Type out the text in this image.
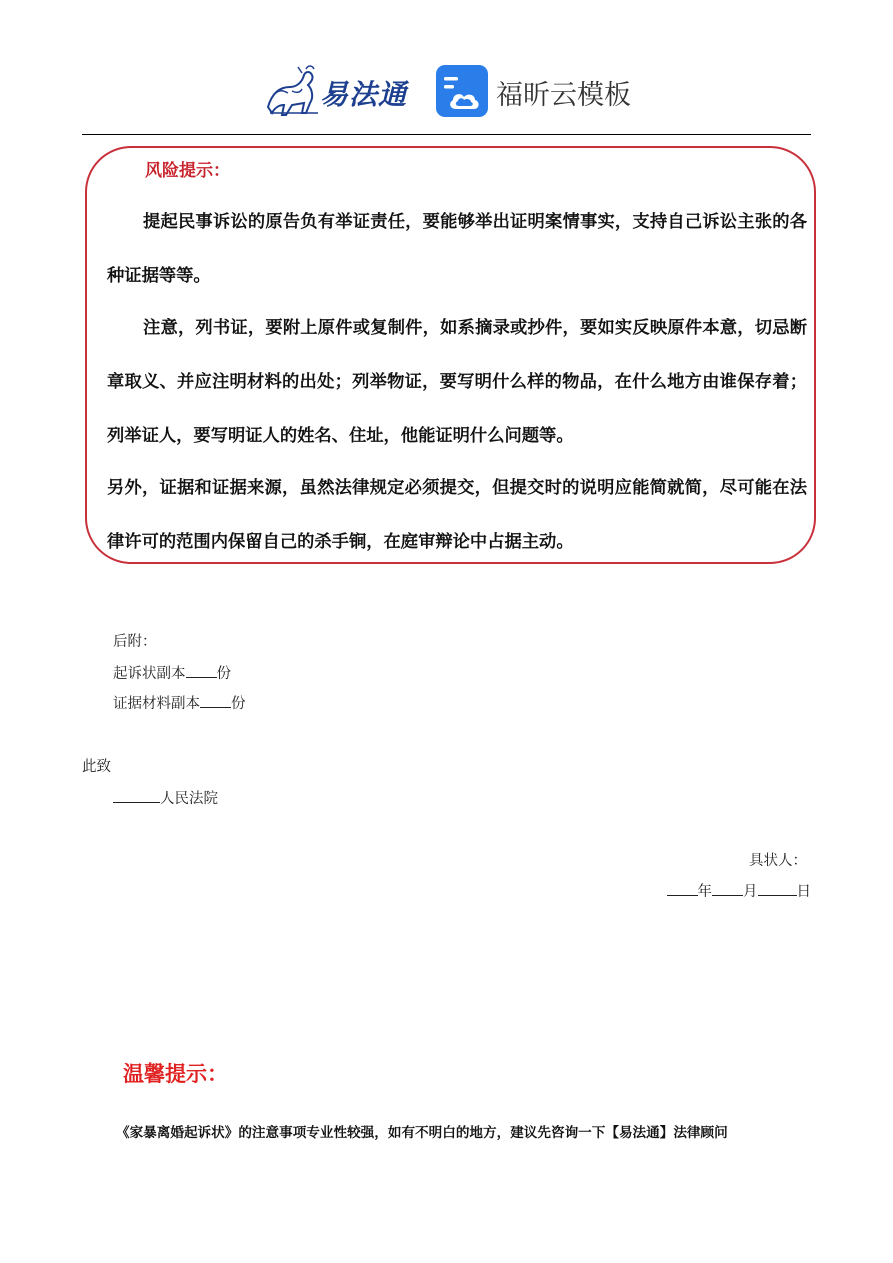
易法通	福昕云模板
风险提示：
提起民事诉讼的原告负有举证责任，要能够举出证明案情事实，支持自己诉讼主张的各种证据等等。
注意，列书证，要附上原件或复制件，如系摘录或抄件，要如实反映原件本意，切忌断章取义、并应注明材料的出处；列举物证，要写明什么样的物品，在什么地方由谁保存着；列举证人，要写明证人的姓名、住址，他能证明什么问题等。
另外，证据和证据来源，虽然法律规定必须提交，但提交时的说明应能简就简，尽可能在法律许可的范围内保留自己的杀手锏，在庭审辩论中占据主动。
后附：
起诉状副本 份
证据材料副本 份
此致
人民法院
具状人：
年 月	日
温馨提示：
《家暴离婚起诉状》的注意事项专业性较强，如有不明白的地方，建议先咨询一下【易法通】法律顾问
